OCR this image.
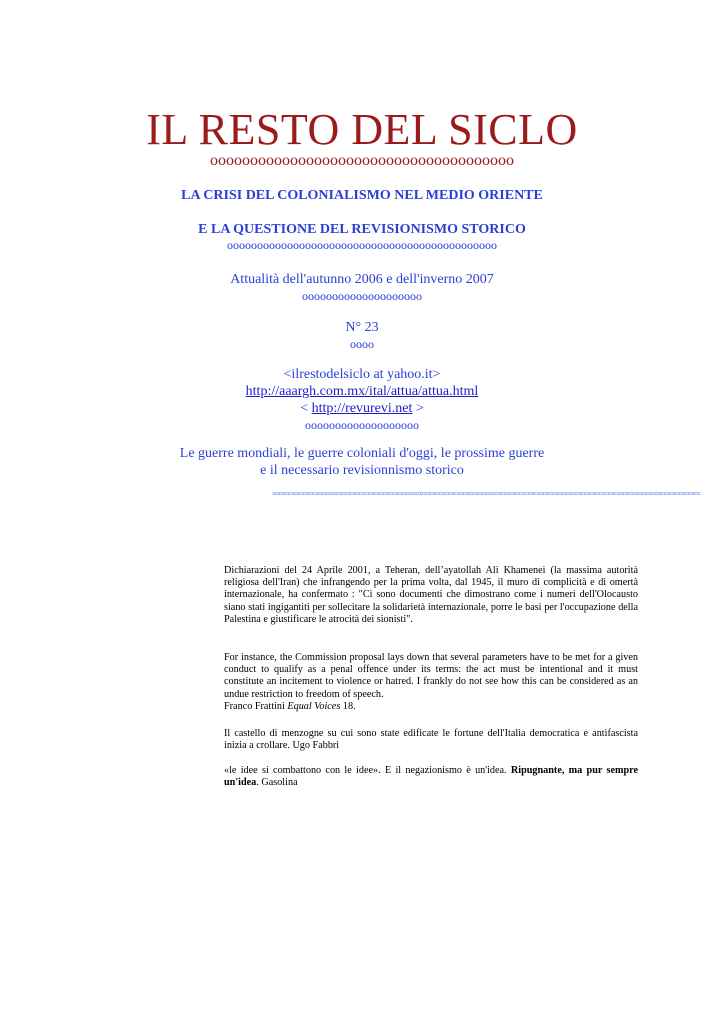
IL RESTO DEL SICLO
oooooooooooooooooooooooooooooooooooooo
LA CRISI DEL COLONIALISMO NEL MEDIO ORIENTE
E LA QUESTIONE DEL REVISIONISMO STORICO
ooooooooooooooooooooooooooooooooooooooooooooo
Attualità dell'autunno 2006 e dell'inverno 2007
oooooooooooooooooooo
N° 23
oooo
<ilrestodelsiclo at yahoo.it>
http://aaargh.com.mx/ital/attua/attua.html
< http://revurevi.net >
ooooooooooooooooooo
Le guerre mondiali, le guerre coloniali d'oggi, le prossime guerre
e il necessario revisionnismo storico
∞∞∞∞∞∞∞∞∞∞∞∞∞∞∞∞∞∞∞∞∞∞∞∞∞∞∞∞∞∞∞∞∞∞∞∞∞∞∞∞∞∞∞∞∞∞∞∞∞∞∞∞∞∞∞∞∞∞∞∞∞∞∞∞∞∞∞∞∞∞∞∞∞∞∞∞∞∞∞∞∞∞∞∞∞∞∞∞∞∞∞
Dichiarazioni del 24 Aprile 2001, a Teheran, dell’ayatollah Ali Khamenei (la massima autorità religiosa dell'Iran) che infrangendo per la prima volta, dal 1945, il muro di complicità e di omertà internazionale, ha confermato : "Ci sono documenti che dimostrano come i numeri dell'Olocausto siano stati ingigantiti per sollecitare la solidarietà internazionale, porre le basi per l'occupazione della Palestina e giustificare le atrocità dei sionisti".
For instance, the Commission proposal lays down that several parameters have to be met for a given conduct to qualify as a penal offence under its terms: the act must be intentional and it must constitute an incitement to violence or hatred. I frankly do not see how this can be considered as an undue restriction to freedom of speech.
Franco Frattini Equal Voices 18.
Il castello di menzogne su cui sono state edificate le fortune dell'Italia democratica e antifascista inizia a crollare. Ugo Fabbri
«le idee si combattono con le idee». E il negazionismo è un'idea. Ripugnante, ma pur sempre un'idea. Gasolina
